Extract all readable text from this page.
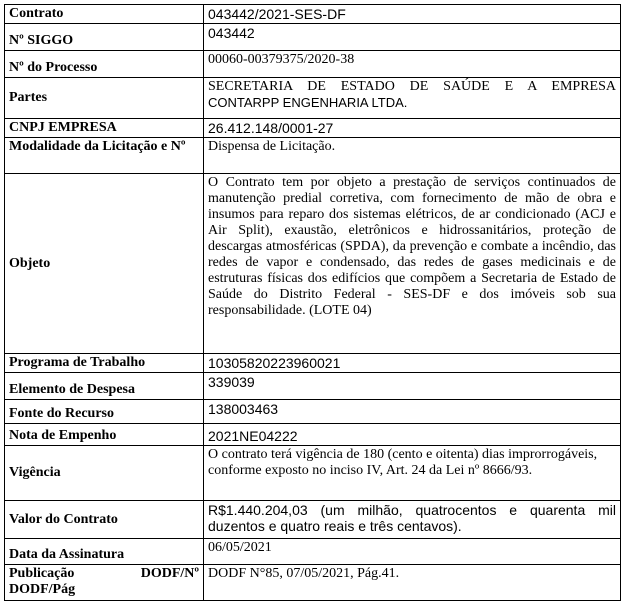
Contrato	043442/2021-SES-DF
Nº SIGGO	043442
Nº do Processo	00060-00379375/2020-38
Partes	SECRETARIA DE ESTADO DE SAÚDE E A EMPRESA
CONTARPP ENGENHARIA LTDA.

CNPJ EMPRESA	26.412.148/0001-27
Modalidade da Licitação e Nº	Dispensa de Licitação.
Objeto	O Contrato tem por objeto a prestação de serviços continuados de manutenção predial corretiva, com fornecimento de mão de obra e insumos para reparo dos sistemas elétricos, de ar condicionado (ACJ e Air Split), exaustão, eletrônicos e hidrossanitários, proteção de descargas atmosféricas (SPDA), da prevenção e combate a incêndio, das redes de vapor e condensado, das redes de gases medicinais e de estruturas físicas dos edifícios que compõem a Secretaria de Estado de Saúde do Distrito Federal - SES-DF e dos imóveis sob sua responsabilidade. (LOTE 04)
Programa de Trabalho	10305820223960021
Elemento de Despesa	339039
Fonte do Recurso	138003463
Nota de Empenho	2021NE04222
Vigência	O contrato terá vigência de 180 (cento e oitenta) dias improrrogáveis, conforme exposto no inciso IV, Art. 24 da Lei nº 8666/93.
Valor do Contrato	R$1.440.204,03 (um milhão, quatrocentos e quarenta mil duzentos e quatro reais e três centavos).
Data da Assinatura	06/05/2021

Publicação DODF/Nº DODF/Pág	DODF N°85, 07/05/2021, Pág.41.
